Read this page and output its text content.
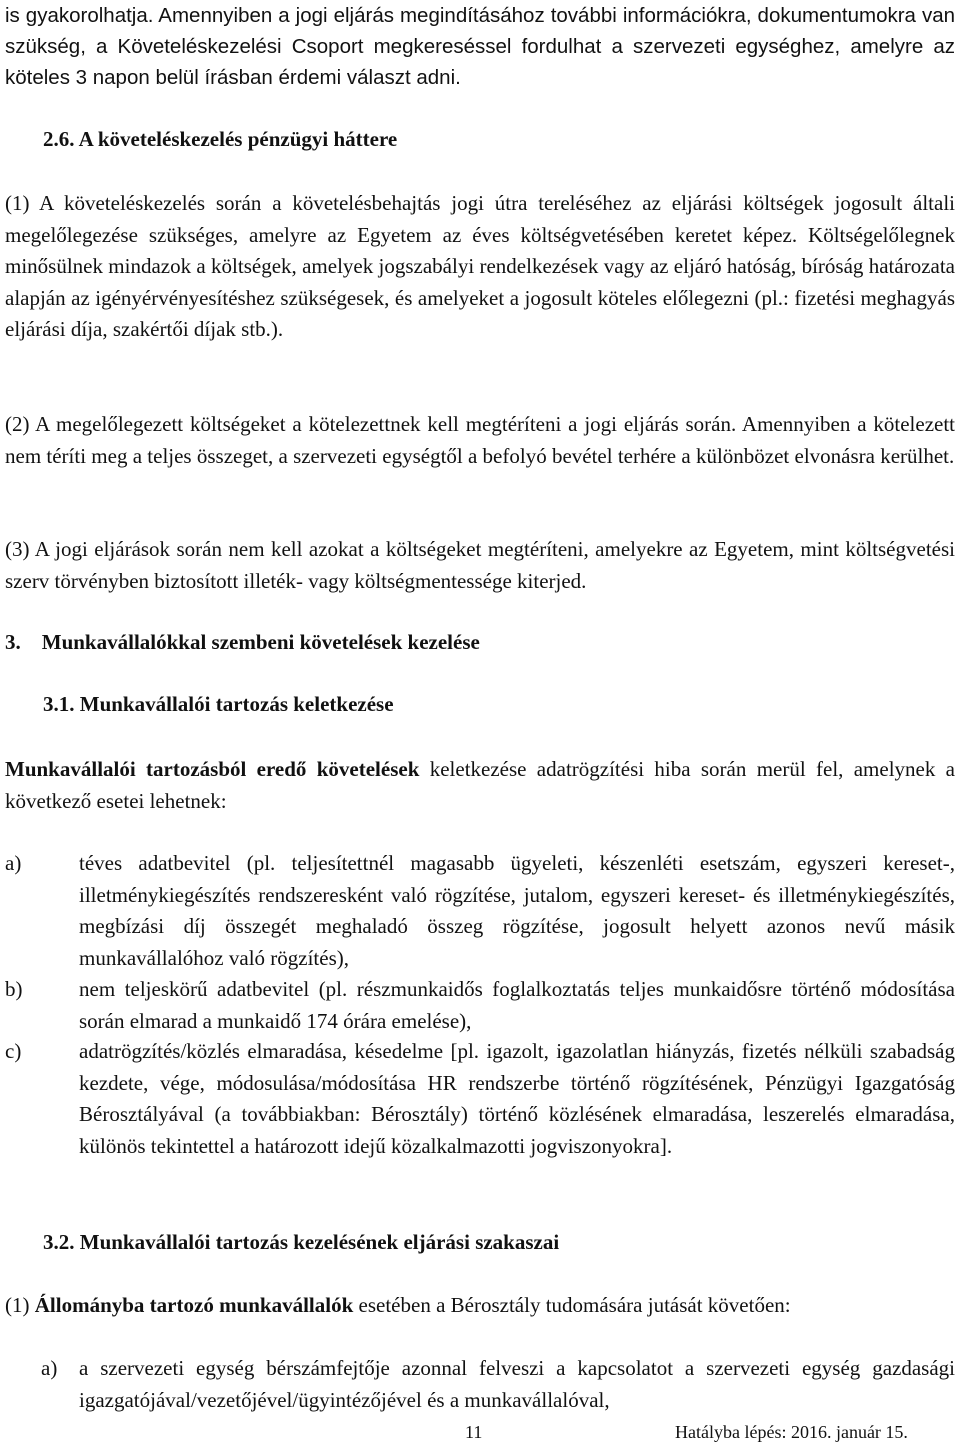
is gyakorolhatja. Amennyiben a jogi eljárás megindításához további információkra, dokumentumokra van szükség, a Követeléskezelési Csoport megkereséssel fordulhat a szervezeti egységhez, amelyre az köteles 3 napon belül írásban érdemi választ adni.

2.6. A követeléskezelés pénzügyi háttere

(1) A követeléskezelés során a követelésbehajtás jogi útra tereléséhez az eljárási költségek jogosult általi megelőlegezése szükséges, amelyre az Egyetem az éves költségvetésében keretet képez. Költségelőlegnek minősülnek mindazok a költségek, amelyek jogszabályi rendelkezések vagy az eljáró hatóság, bíróság határozata alapján az igényérvényesítéshez szükségesek, és amelyeket a jogosult köteles előlegezni (pl.: fizetési meghagyás eljárási díja, szakértői díjak stb.).

(2) A megelőlegezett költségeket a kötelezettnek kell megtéríteni a jogi eljárás során. Amennyiben a kötelezett nem téríti meg a teljes összeget, a szervezeti egységtől a befolyó bevétel terhére a különbözet elvonásra kerülhet.

(3) A jogi eljárások során nem kell azokat a költségeket megtéríteni, amelyekre az Egyetem, mint költségvetési szerv törvényben biztosított illeték- vagy költségmentessége kiterjed.

3. Munkavállalókkal szembeni követelések kezelése
3.1. Munkavállalói tartozás keletkezése

Munkavállalói tartozásból eredő követelések keletkezése adatrögzítési hiba során merül fel, amelynek a következő esetei lehetnek:

a)	téves adatbevitel (pl. teljesítettnél magasabb ügyeleti, készenléti esetszám, egyszeri kereset-, illetménykiegészítés rendszeresként való rögzítése, jutalom, egyszeri kereset- és illetménykiegészítés, megbízási díj összegét meghaladó összeg rögzítése, jogosult helyett azonos nevű másik munkavállalóhoz való rögzítés),
b)	nem teljeskörű adatbevitel (pl. részmunkaidős foglalkoztatás teljes munkaidősre történő módosítása során elmarad a munkaidő 174 órára emelése),
c)	adatrögzítés/közlés elmaradása, késedelme [pl. igazolt, igazolatlan hiányzás, fizetés nélküli szabadság kezdete, vége, módosulása/módosítása HR rendszerbe történő rögzítésének, Pénzügyi Igazgatóság Bérosztályával (a továbbiakban: Bérosztály) történő közlésének elmaradása, leszerelés elmaradása, különös tekintettel a határozott idejű közalkalmazotti jogviszonyokra].
3.2. Munkavállalói tartozás kezelésének eljárási szakaszai

(1) Állományba tartozó munkavállalók esetében a Bérosztály tudomására jutását követően:

a) a szervezeti egység bérszámfejtője azonnal felveszi a kapcsolatot a szervezeti egység gazdasági igazgatójával/vezetőjével/ügyintézőjével és a munkavállalóval,
11	Hatályba lépés: 2016. január 15.
